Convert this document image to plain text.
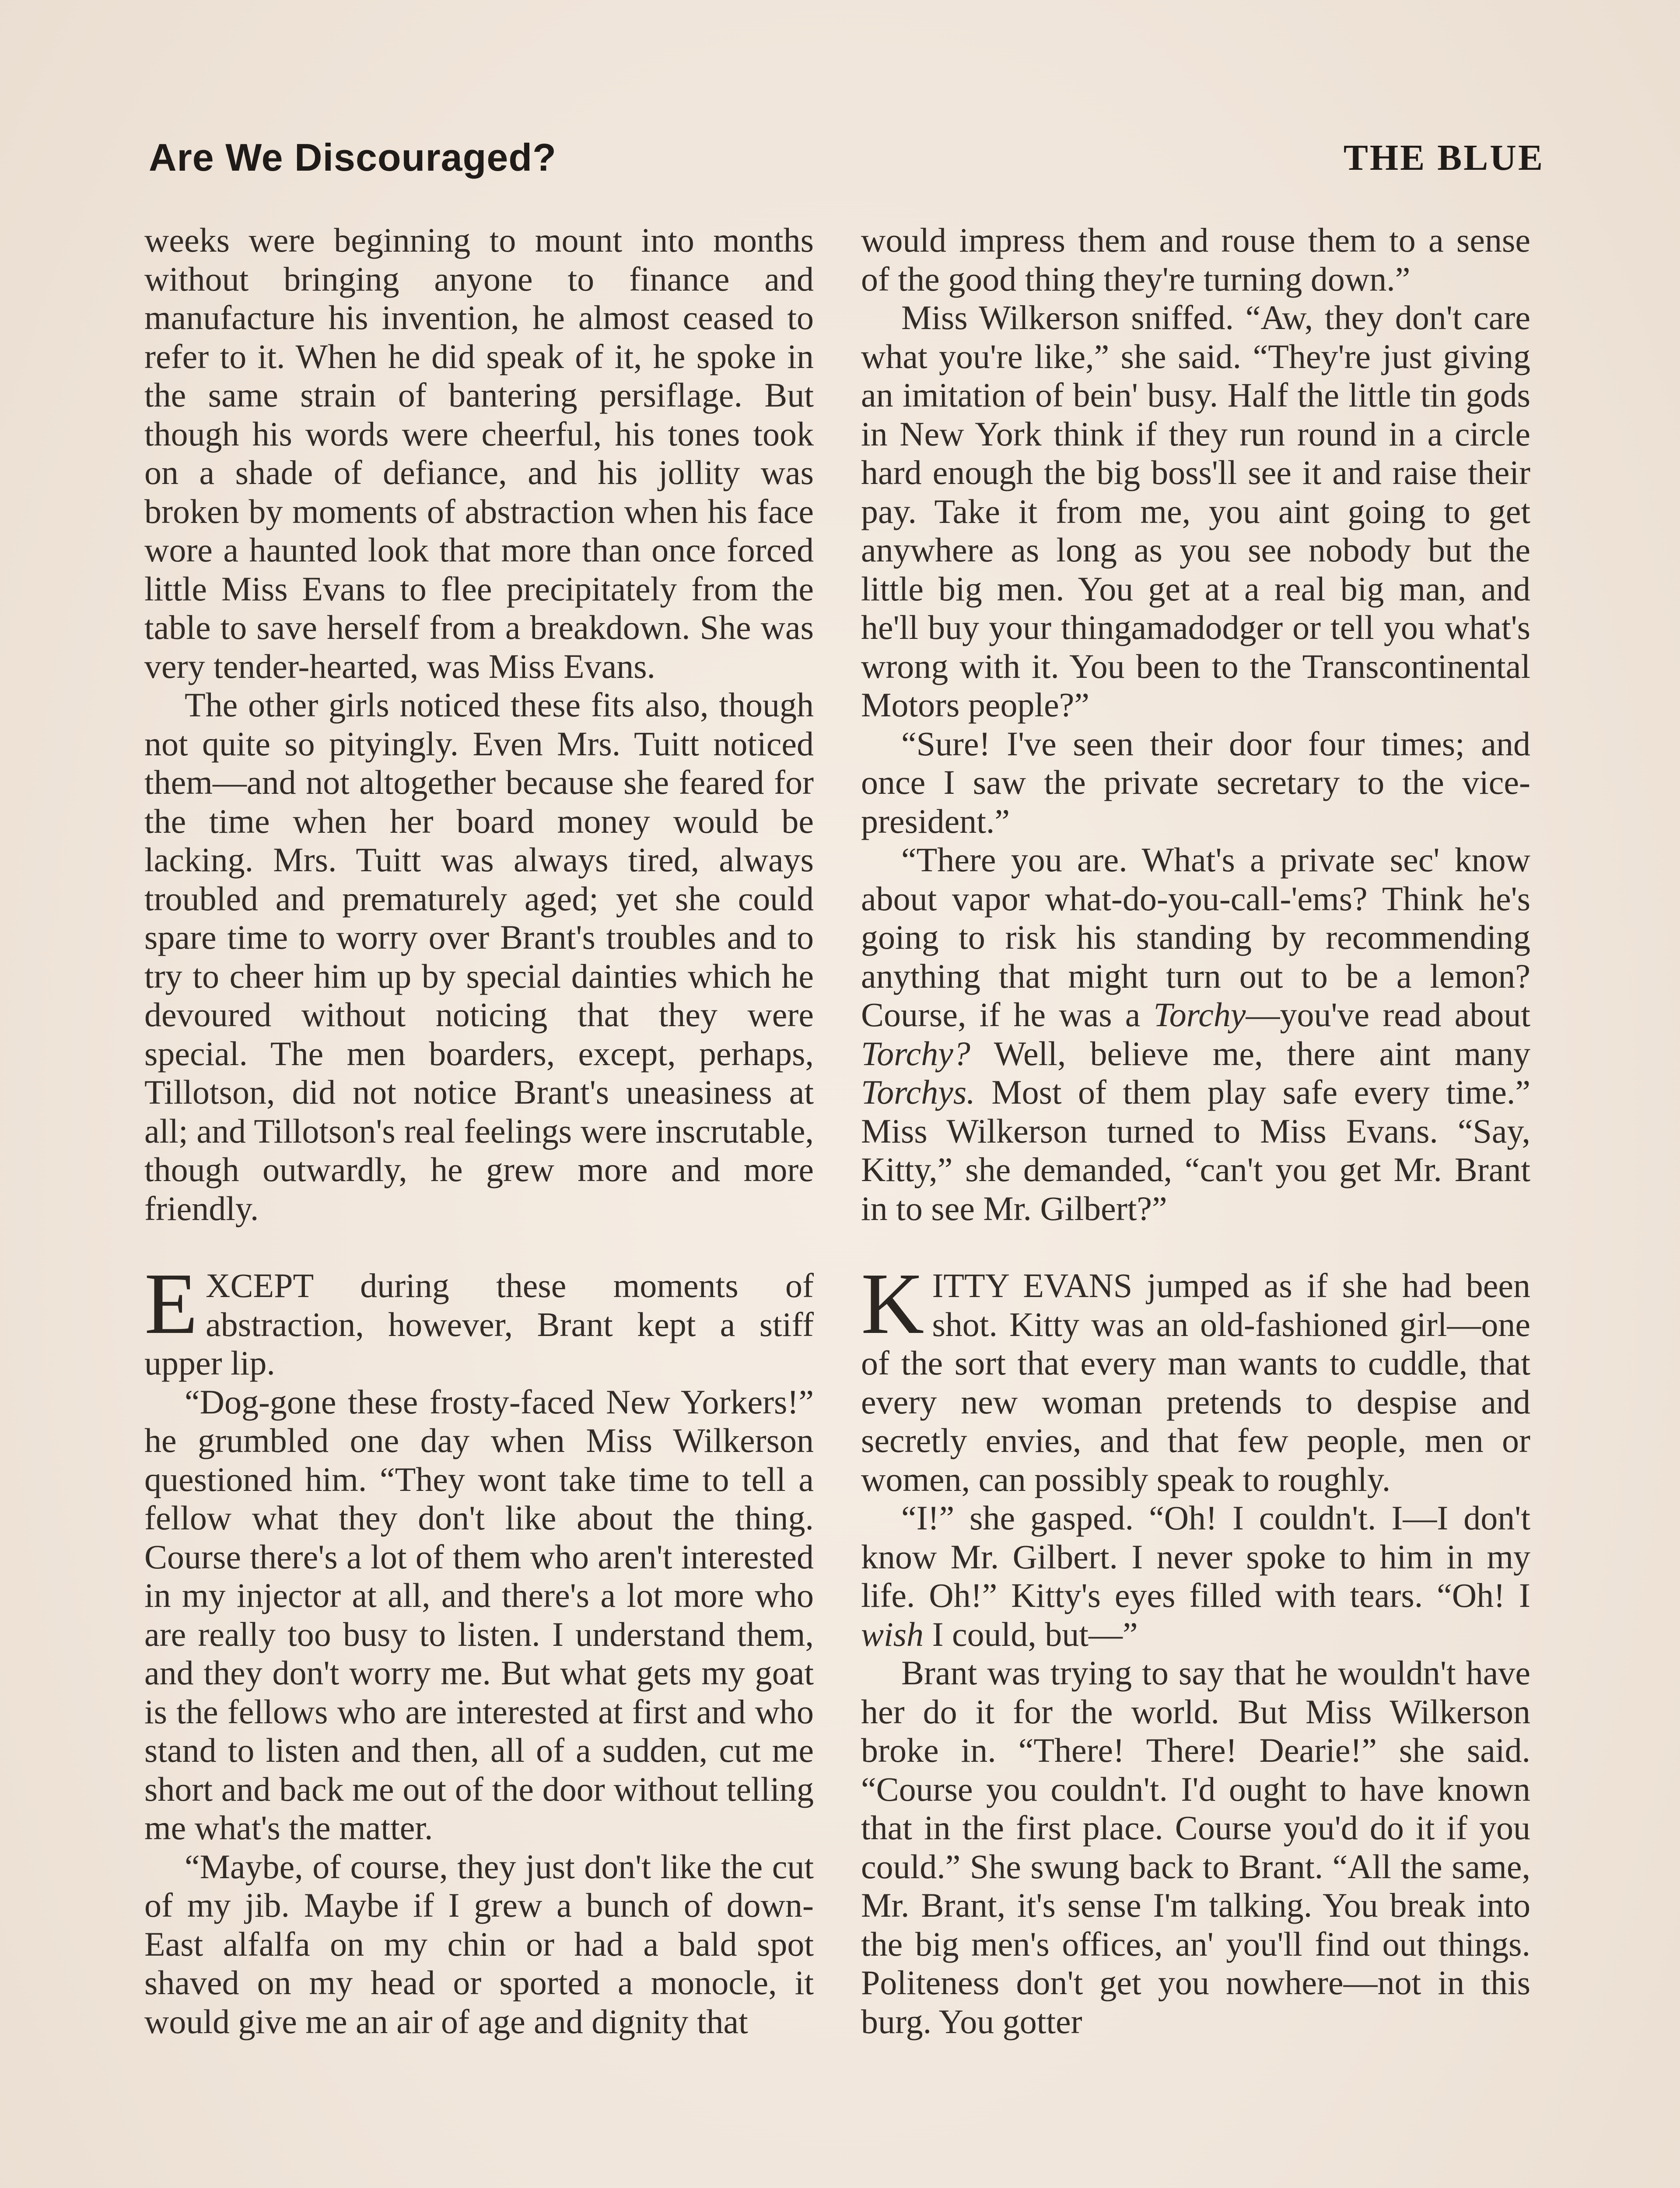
Are We Discouraged?	THE BLUE

weeks were beginning to mount into months without bringing anyone to finance and manufacture his invention, he almost ceased to refer to it. When he did speak of it, he spoke in the same strain of bantering persiflage. But though his words were cheerful, his tones took on a shade of defiance, and his jollity was broken by moments of abstraction when his face wore a haunted look that more than once forced little Miss Evans to flee precipitately from the table to save herself from a breakdown. She was very tender-hearted, was Miss Evans.

The other girls noticed these fits also, though not quite so pityingly. Even Mrs. Tuitt noticed them—and not altogether because she feared for the time when her board money would be lacking. Mrs. Tuitt was always tired, always troubled and prematurely aged; yet she could spare time to worry over Brant's troubles and to try to cheer him up by special dainties which he devoured without noticing that they were special. The men boarders, except, perhaps, Tillotson, did not notice Brant's uneasiness at all; and Tillotson's real feelings were inscrutable, though outwardly, he grew more and more friendly.

EXCEPT during these moments of abstraction, however, Brant kept a stiff upper lip.

“Dog-gone these frosty-faced New Yorkers!” he grumbled one day when Miss Wilkerson questioned him. “They wont take time to tell a fellow what they don't like about the thing. Course there's a lot of them who aren't interested in my injector at all, and there's a lot more who are really too busy to listen. I understand them, and they don't worry me. But what gets my goat is the fellows who are interested at first and who stand to listen and then, all of a sudden, cut me short and back me out of the door without telling me what's the matter.

“Maybe, of course, they just don't like the cut of my jib. Maybe if I grew a bunch of down-East alfalfa on my chin or had a bald spot shaved on my head or sported a monocle, it would give me an air of age and dignity that

would impress them and rouse them to a sense of the good thing they're turning down.”

Miss Wilkerson sniffed. “Aw, they don't care what you're like,” she said. “They're just giving an imitation of bein' busy. Half the little tin gods in New York think if they run round in a circle hard enough the big boss'll see it and raise their pay. Take it from me, you aint going to get anywhere as long as you see nobody but the little big men. You get at a real big man, and he'll buy your thingamadodger or tell you what's wrong with it. You been to the Transcontinental Motors people?”

“Sure! I've seen their door four times; and once I saw the private secretary to the vice-president.”

“There you are. What's a private sec' know about vapor what-do-you-call-'ems? Think he's going to risk his standing by recommending anything that might turn out to be a lemon? Course, if he was a Torchy—you've read about Torchy? Well, believe me, there aint many Torchys. Most of them play safe every time.” Miss Wilkerson turned to Miss Evans. “Say, Kitty,” she demanded, “can't you get Mr. Brant in to see Mr. Gilbert?”

KITTY EVANS jumped as if she had been shot. Kitty was an old-fashioned girl—one of the sort that every man wants to cuddle, that every new woman pretends to despise and secretly envies, and that few people, men or women, can possibly speak to roughly.

“I!” she gasped. “Oh! I couldn't. I—I don't know Mr. Gilbert. I never spoke to him in my life. Oh!” Kitty's eyes filled with tears. “Oh! I wish I could, but—”

Brant was trying to say that he wouldn't have her do it for the world. But Miss Wilkerson broke in. “There! There! Dearie!” she said. “Course you couldn't. I'd ought to have known that in the first place. Course you'd do it if you could.” She swung back to Brant. “All the same, Mr. Brant, it's sense I'm talking. You break into the big men's offices, an' you'll find out things. Politeness don't get you nowhere—not in this burg. You gotter
